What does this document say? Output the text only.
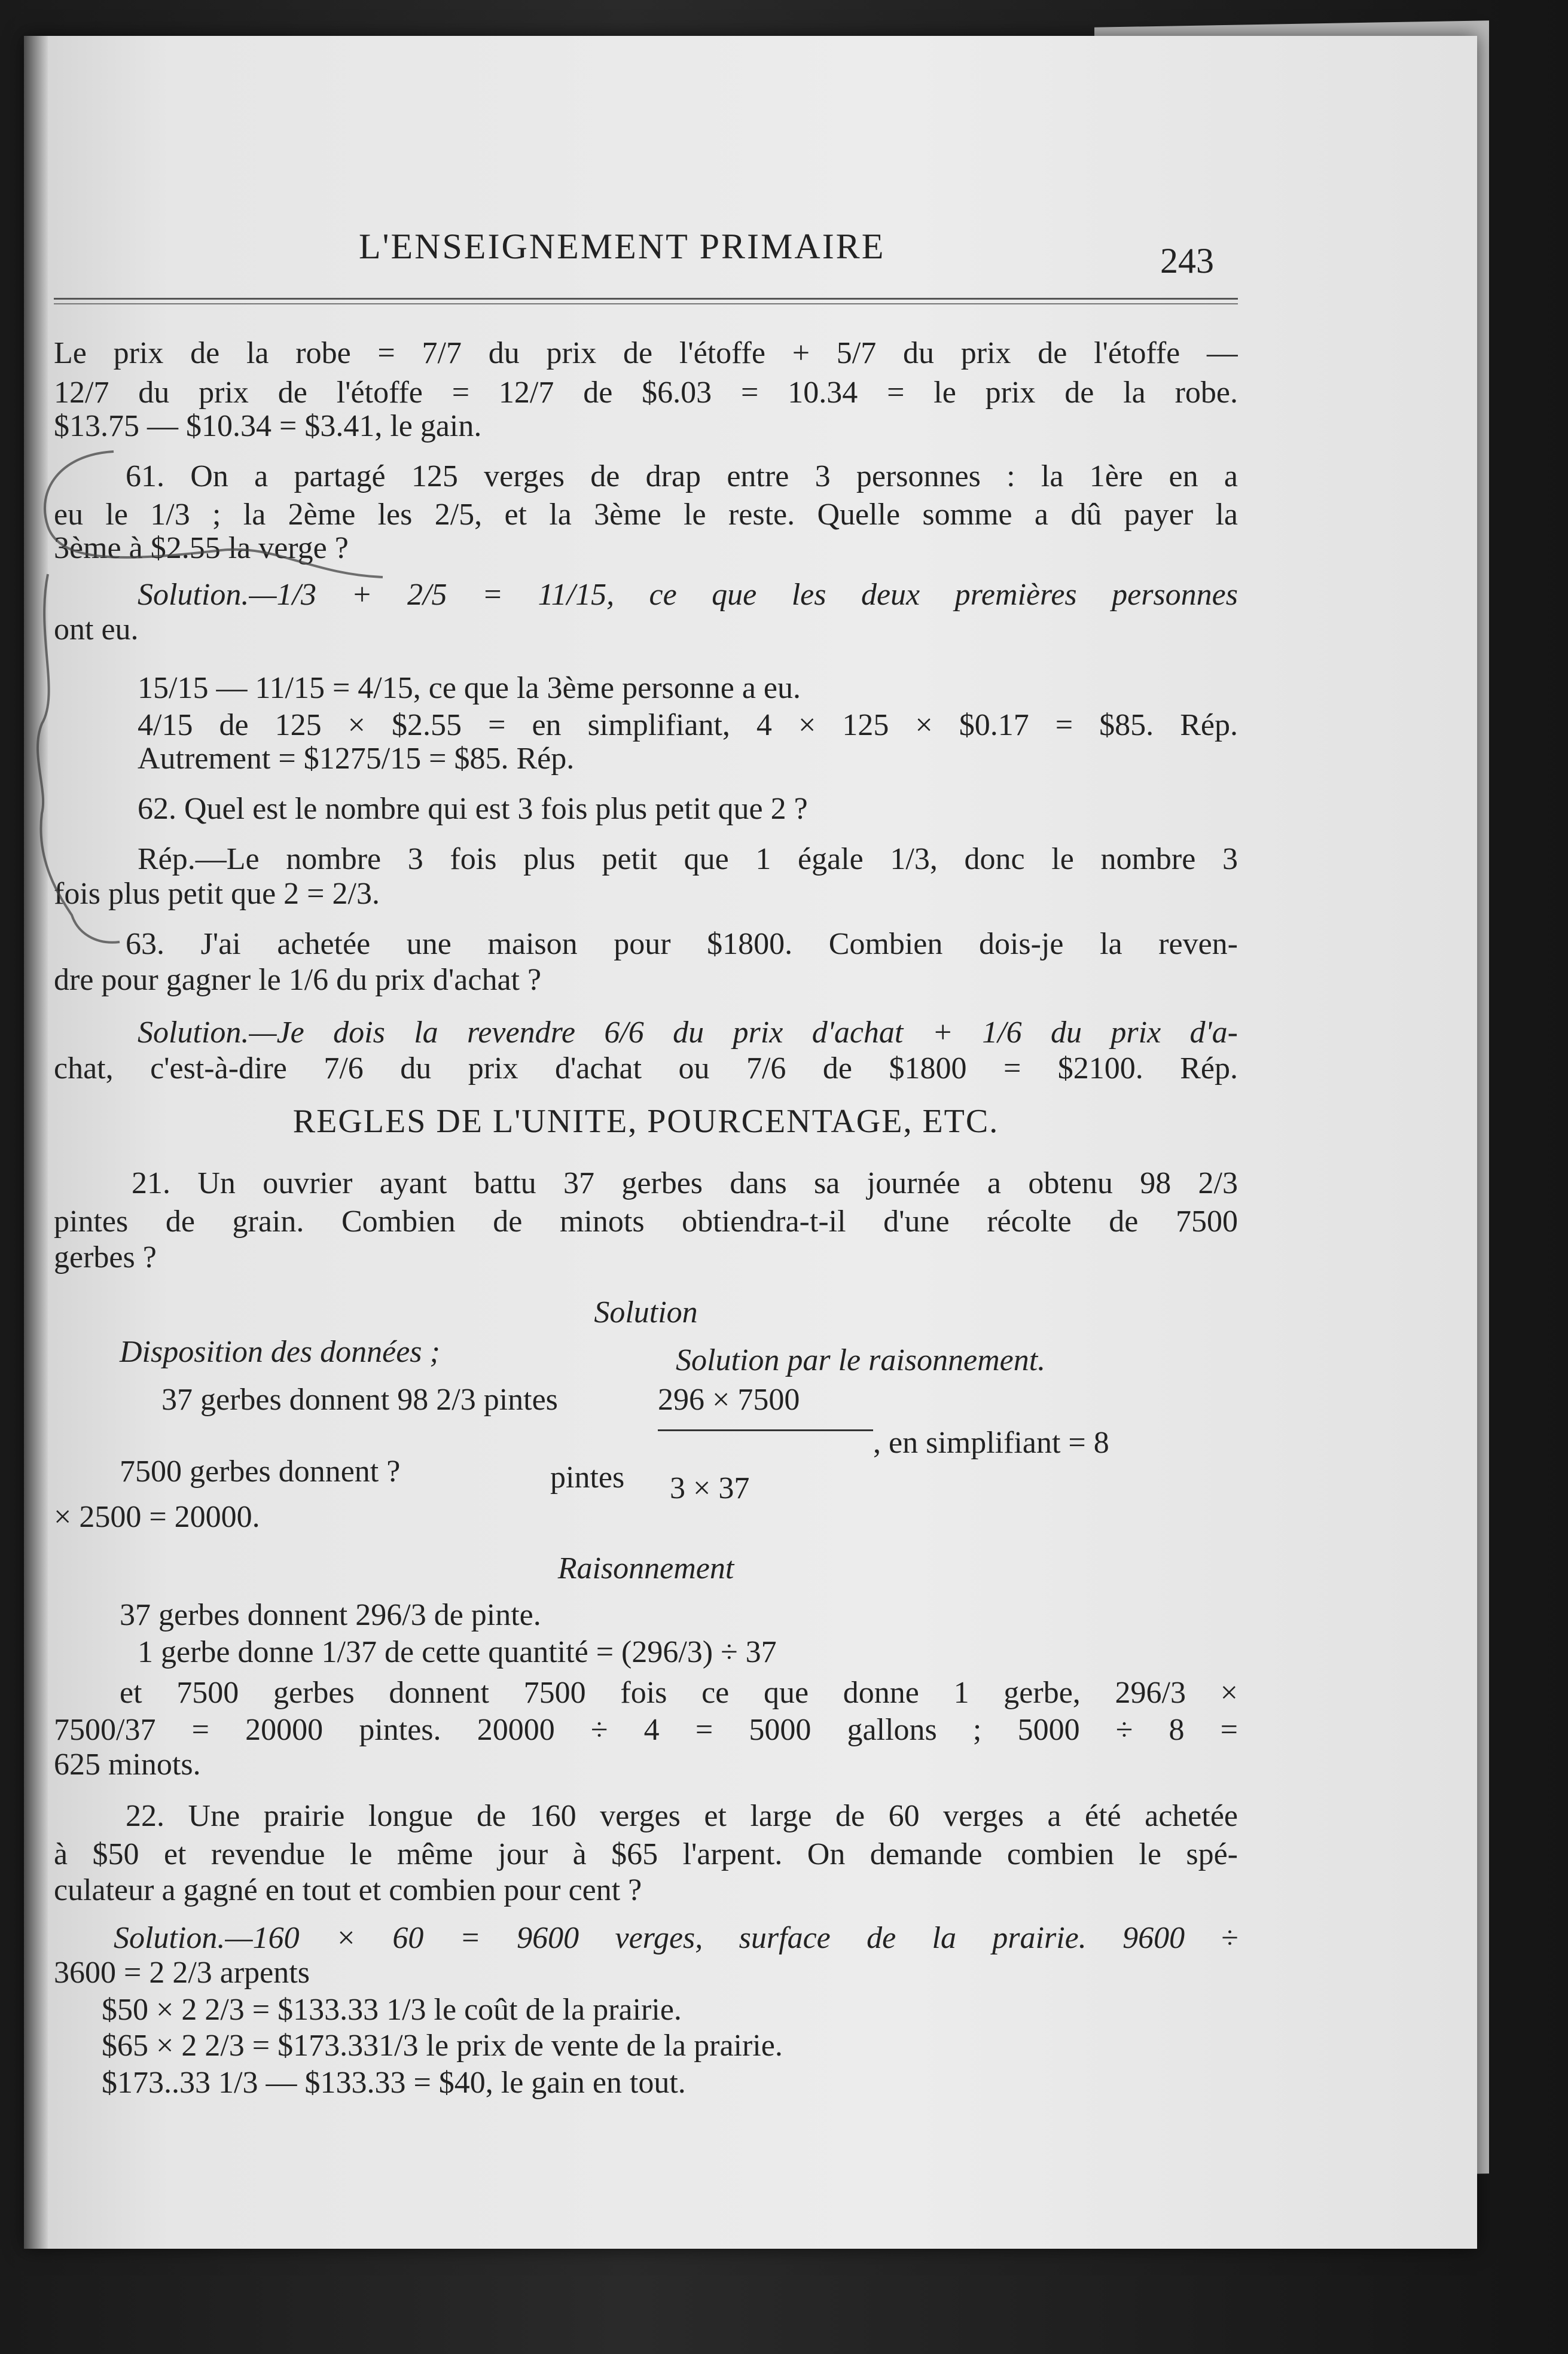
L'ENSEIGNEMENT PRIMAIRE	243

Le prix de la robe = 7/7 du prix de l'étoffe + 5/7 du prix de l'étoffe —

12/7 du prix de l'étoffe = 12/7 de $6.03 = 10.34 = le prix de la robe.

$13.75 — $10.34 = $3.41, le gain.

61. On a partagé 125 verges de drap entre 3 personnes : la 1ère en a

eu le 1/3 ; la 2ème les 2/5, et la 3ème le reste. Quelle somme a dû payer la

3ème à $2.55 la verge ?

Solution.—1/3 + 2/5 = 11/15, ce que les deux premières personnes

ont eu.

15/15 — 11/15 = 4/15, ce que la 3ème personne a eu.

4/15 de 125 × $2.55 = en simplifiant, 4 × 125 × $0.17 = $85. Rép.

Autrement = $1275/15 = $85. Rép.

62. Quel est le nombre qui est 3 fois plus petit que 2 ?

Rép.—Le nombre 3 fois plus petit que 1 égale 1/3, donc le nombre 3

fois plus petit que 2 = 2/3.

63. J'ai achetée une maison pour $1800. Combien dois-je la reven-

dre pour gagner le 1/6 du prix d'achat ?

Solution.—Je dois la revendre 6/6 du prix d'achat + 1/6 du prix d'a-

chat, c'est-à-dire 7/6 du prix d'achat ou 7/6 de $1800 = $2100. Rép.

REGLES DE L'UNITE, POURCENTAGE, ETC.

21. Un ouvrier ayant battu 37 gerbes dans sa journée a obtenu 98 2/3

pintes de grain. Combien de minots obtiendra-t-il d'une récolte de 7500

gerbes ?

Solution

Disposition des données ;	Solution par le raisonnement.

37 gerbes donnent 98 2/3 pintes	296 × 7500

, en simplifiant = 8

7500 gerbes donnent ?	pintes	3 × 37

× 2500 = 20000.

Raisonnement

37 gerbes donnent 296/3 de pinte.

1 gerbe donne 1/37 de cette quantité = (296/3) ÷ 37

et 7500 gerbes donnent 7500 fois ce que donne 1 gerbe, 296/3 ×

7500/37 = 20000 pintes. 20000 ÷ 4 = 5000 gallons ; 5000 ÷ 8 =

625 minots.

22. Une prairie longue de 160 verges et large de 60 verges a été achetée

à $50 et revendue le même jour à $65 l'arpent. On demande combien le spé-

culateur a gagné en tout et combien pour cent ?

Solution.—160 × 60 = 9600 verges, surface de la prairie. 9600 ÷

3600 = 2 2/3 arpents

$50 × 2 2/3 = $133.33 1/3 le coût de la prairie.

$65 × 2 2/3 = $173.331/3 le prix de vente de la prairie.

$173..33 1/3 — $133.33 = $40, le gain en tout.
